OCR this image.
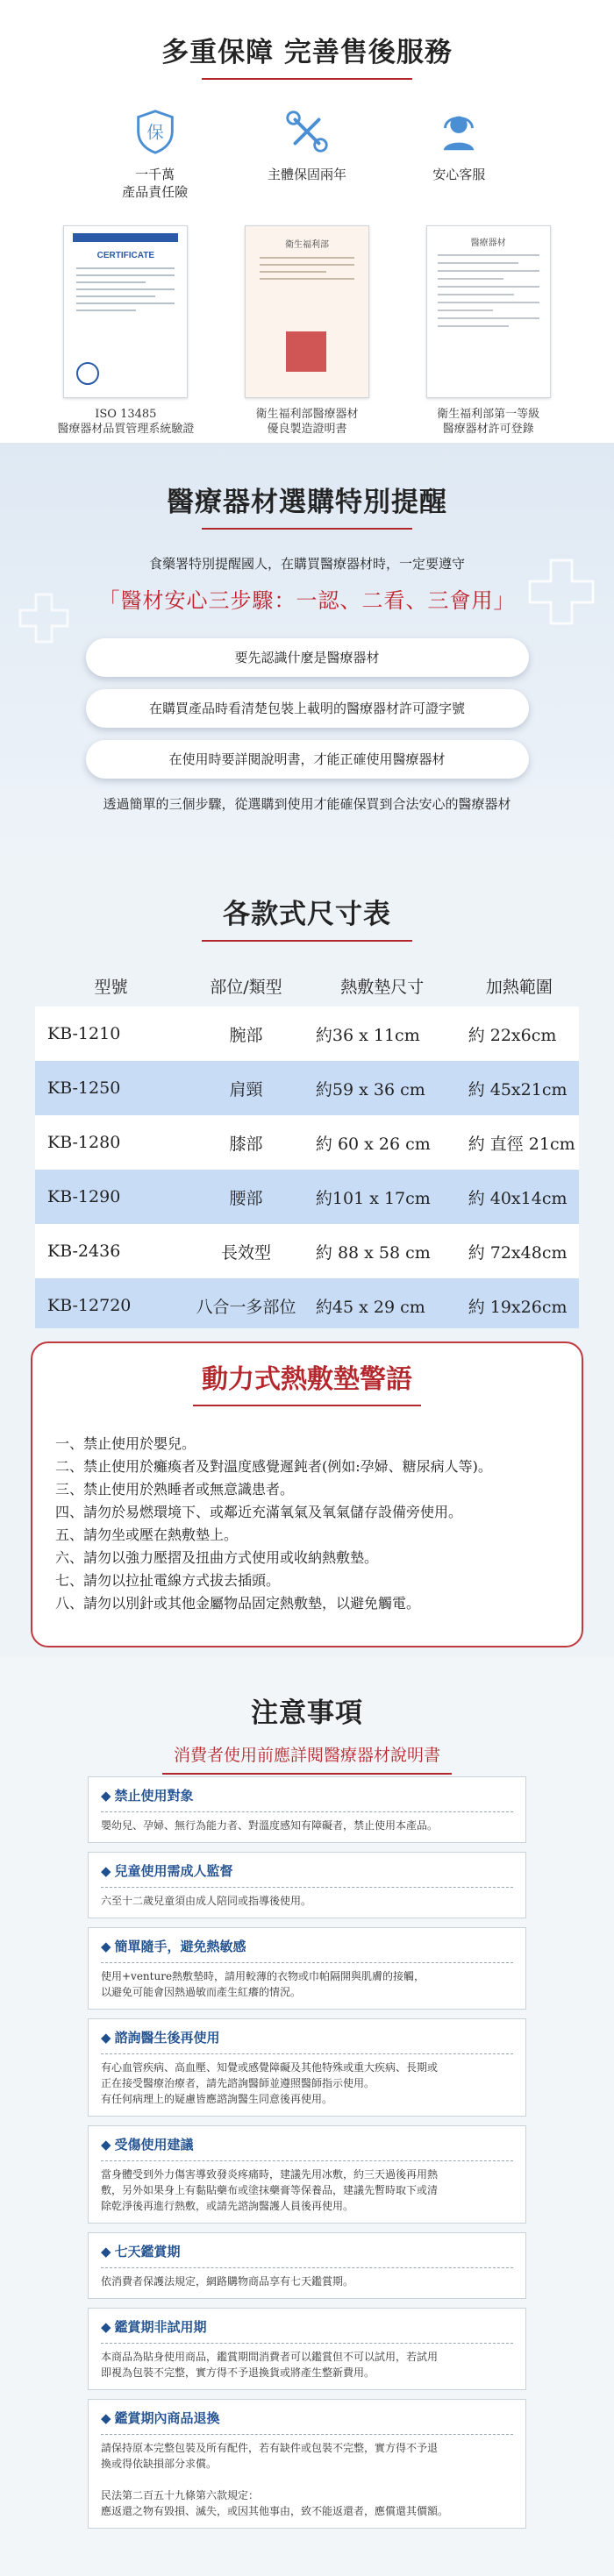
多重保障 完善售後服務
保
一千萬
產品責任險
主體保固兩年	安心客服
CERTIFICATE
ISO 13485
醫療器材品質管理系統驗證
衛生福利部
衛生福利部醫療器材
優良製造證明書
醫療器材
衛生福利部第一等級
醫療器材許可登錄
醫療器材選購特別提醒
食藥署特別提醒國人，在購買醫療器材時，一定要遵守
「醫材安心三步驟：一認、二看、三會用」
要先認識什麼是醫療器材
在購買產品時看清楚包裝上載明的醫療器材許可證字號
在使用時要詳閱說明書，才能正確使用醫療器材
透過簡單的三個步驟，從選購到使用才能確保買到合法安心的醫療器材
各款式尺寸表
型號	部位/類型	熱敷墊尺寸	加熱範圍
KB-1210	腕部	約36 x 11cm	約 22x6cm
KB-1250	肩頸	約59 x 36 cm	約 45x21cm
KB-1280	膝部	約 60 x 26 cm	約 直徑 21cm
KB-1290	腰部	約101 x 17cm	約 40x14cm
KB-2436	長效型	約 88 x 58 cm	約 72x48cm
KB-12720	八合一多部位	約45 x 29 cm	約 19x26cm
動力式熱敷墊警語
一、禁止使用於嬰兒。
二、禁止使用於癱瘓者及對溫度感覺遲鈍者(例如:孕婦、糖尿病人等)。
三、禁止使用於熟睡者或無意識患者。
四、請勿於易燃環境下、或鄰近充滿氧氣及氧氣儲存設備旁使用。
五、請勿坐或壓在熱敷墊上。
六、請勿以強力壓摺及扭曲方式使用或收納熱敷墊。
七、請勿以拉扯電線方式拔去插頭。
八、請勿以別針或其他金屬物品固定熱敷墊，以避免觸電。
注意事項
消費者使用前應詳閱醫療器材說明書
◆ 禁止使用對象
嬰幼兒、孕婦、無行為能力者、對溫度感知有障礙者，禁止使用本產品。
◆ 兒童使用需成人監督
六至十二歲兒童須由成人陪同或指導後使用。
◆ 簡單隨手，避免熱敏感
使用+venture熱敷墊時，請用較薄的衣物或巾帕隔開與肌膚的接觸，
以避免可能會因熱過敏而產生紅癢的情況。
◆ 諮詢醫生後再使用
有心血管疾病、高血壓、知覺或感覺障礙及其他特殊或重大疾病、長期或
正在接受醫療治療者，請先諮詢醫師並遵照醫師指示使用。
有任何病理上的疑慮皆應諮詢醫生同意後再使用。
◆ 受傷使用建議
當身體受到外力傷害導致發炎疼痛時，建議先用冰敷，約三天過後再用熱
敷，另外如果身上有黏貼藥布或塗抹藥膏等保養品，建議先暫時取下或清
除乾淨後再進行熱敷，或請先諮詢醫護人員後再使用。
◆ 七天鑑賞期
依消費者保護法規定，網路購物商品享有七天鑑賞期。
◆ 鑑賞期非試用期
本商品為貼身使用商品，鑑賞期間消費者可以鑑賞但不可以試用，若試用
即視為包裝不完整，實方得不予退換貨或將產生整新費用。
◆ 鑑賞期內商品退換
請保持原本完整包裝及所有配件，若有缺件或包裝不完整，實方得不予退
換或得依缺損部分求償。

民法第二百五十九條第六款規定：
應返還之物有毀損、滅失，或因其他事由，致不能返還者，應償還其價額。
